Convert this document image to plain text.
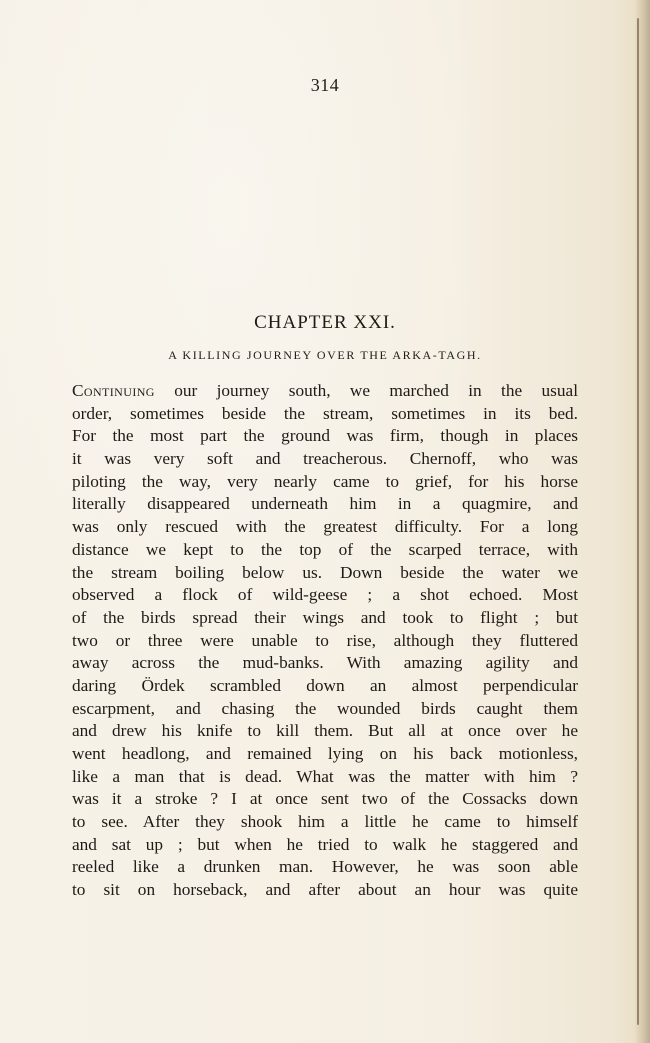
314
CHAPTER XXI.
A KILLING JOURNEY OVER THE ARKA-TAGH.
Continuing our journey south, we marched in the usual
order, sometimes beside the stream, sometimes in its bed.
For the most part the ground was firm, though in places
it was very soft and treacherous. Chernoff, who was
piloting the way, very nearly came to grief, for his horse
literally disappeared underneath him in a quagmire, and
was only rescued with the greatest difficulty. For a long
distance we kept to the top of the scarped terrace, with
the stream boiling below us. Down beside the water we
observed a flock of wild-geese ; a shot echoed. Most
of the birds spread their wings and took to flight ; but
two or three were unable to rise, although they fluttered
away across the mud-banks. With amazing agility and
daring Ördek scrambled down an almost perpendicular
escarpment, and chasing the wounded birds caught them
and drew his knife to kill them. But all at once over he
went headlong, and remained lying on his back motionless,
like a man that is dead. What was the matter with him ?
was it a stroke ? I at once sent two of the Cossacks down
to see. After they shook him a little he came to himself
and sat up ; but when he tried to walk he staggered and
reeled like a drunken man. However, he was soon able
to sit on horseback, and after about an hour was quite
